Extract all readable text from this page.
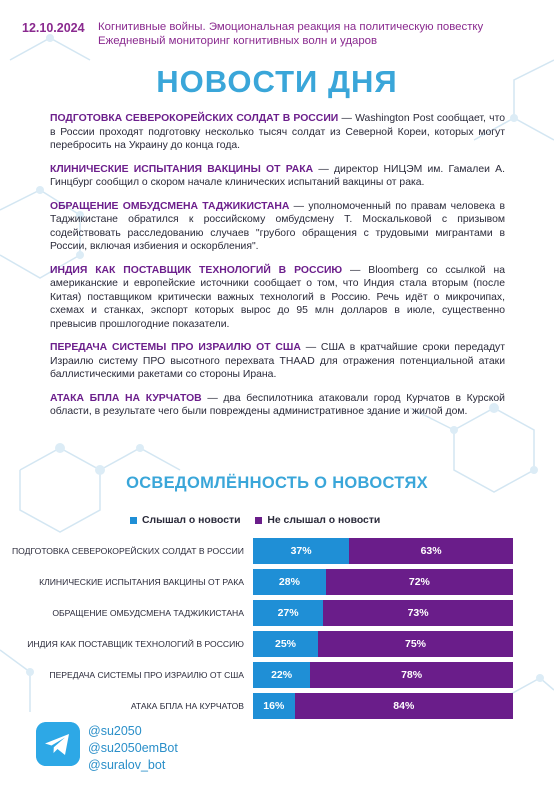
12.10.2024 Когнитивные войны. Эмоциональная реакция на политическую повестку
Ежедневный мониторинг когнитивных волн и ударов
НОВОСТИ ДНЯ
ПОДГОТОВКА СЕВЕРОКОРЕЙСКИХ СОЛДАТ В РОССИИ — Washington Post сообщает, что в России проходят подготовку несколько тысяч солдат из Северной Кореи, которых могут перебросить на Украину до конца года.
КЛИНИЧЕСКИЕ ИСПЫТАНИЯ ВАКЦИНЫ ОТ РАКА — директор НИЦЭМ им. Гамалеи А. Гинцбург сообщил о скором начале клинических испытаний вакцины от рака.
ОБРАЩЕНИЕ ОМБУДСМЕНА ТАДЖИКИСТАНА — уполномоченный по правам человека в Таджикистане обратился к российскому омбудсмену Т. Москальковой с призывом содействовать расследованию случаев "грубого обращения с трудовыми мигрантами в России, включая избиения и оскорбления".
ИНДИЯ КАК ПОСТАВЩИК ТЕХНОЛОГИЙ В РОССИЮ — Bloomberg со ссылкой на американские и европейские источники сообщает о том, что Индия стала вторым (после Китая) поставщиком критически важных технологий в Россию. Речь идёт о микрочипах, схемах и станках, экспорт которых вырос до 95 млн долларов в июле, существенно превысив прошлогодние показатели.
ПЕРЕДАЧА СИСТЕМЫ ПРО ИЗРАИЛЮ ОТ США — США в кратчайшие сроки передадут Израилю систему ПРО высотного перехвата THAAD для отражения потенциальной атаки баллистическими ракетами со стороны Ирана.
АТАКА БПЛА НА КУРЧАТОВ — два беспилотника атаковали город Курчатов в Курской области, в результате чего были повреждены административное здание и жилой дом.
ОСВЕДОМЛЁННОСТЬ О НОВОСТЯХ
Слышал о новости
	Не слышал о новости
ПОДГОТОВКА СЕВЕРОКОРЕЙСКИХ СОЛДАТ В РОССИИ	37%	63%
КЛИНИЧЕСКИЕ ИСПЫТАНИЯ ВАКЦИНЫ ОТ РАКА	28%	72%
ОБРАЩЕНИЕ ОМБУДСМЕНА ТАДЖИКИСТАНА	27%	73%
ИНДИЯ КАК ПОСТАВЩИК ТЕХНОЛОГИЙ В РОССИЮ	25%	75%
ПЕРЕДАЧА СИСТЕМЫ ПРО ИЗРАИЛЮ ОТ США	22%	78%
АТАКА БПЛА НА КУРЧАТОВ 16%	84%
@su2050
@su2050emBot
@suralov_bot
